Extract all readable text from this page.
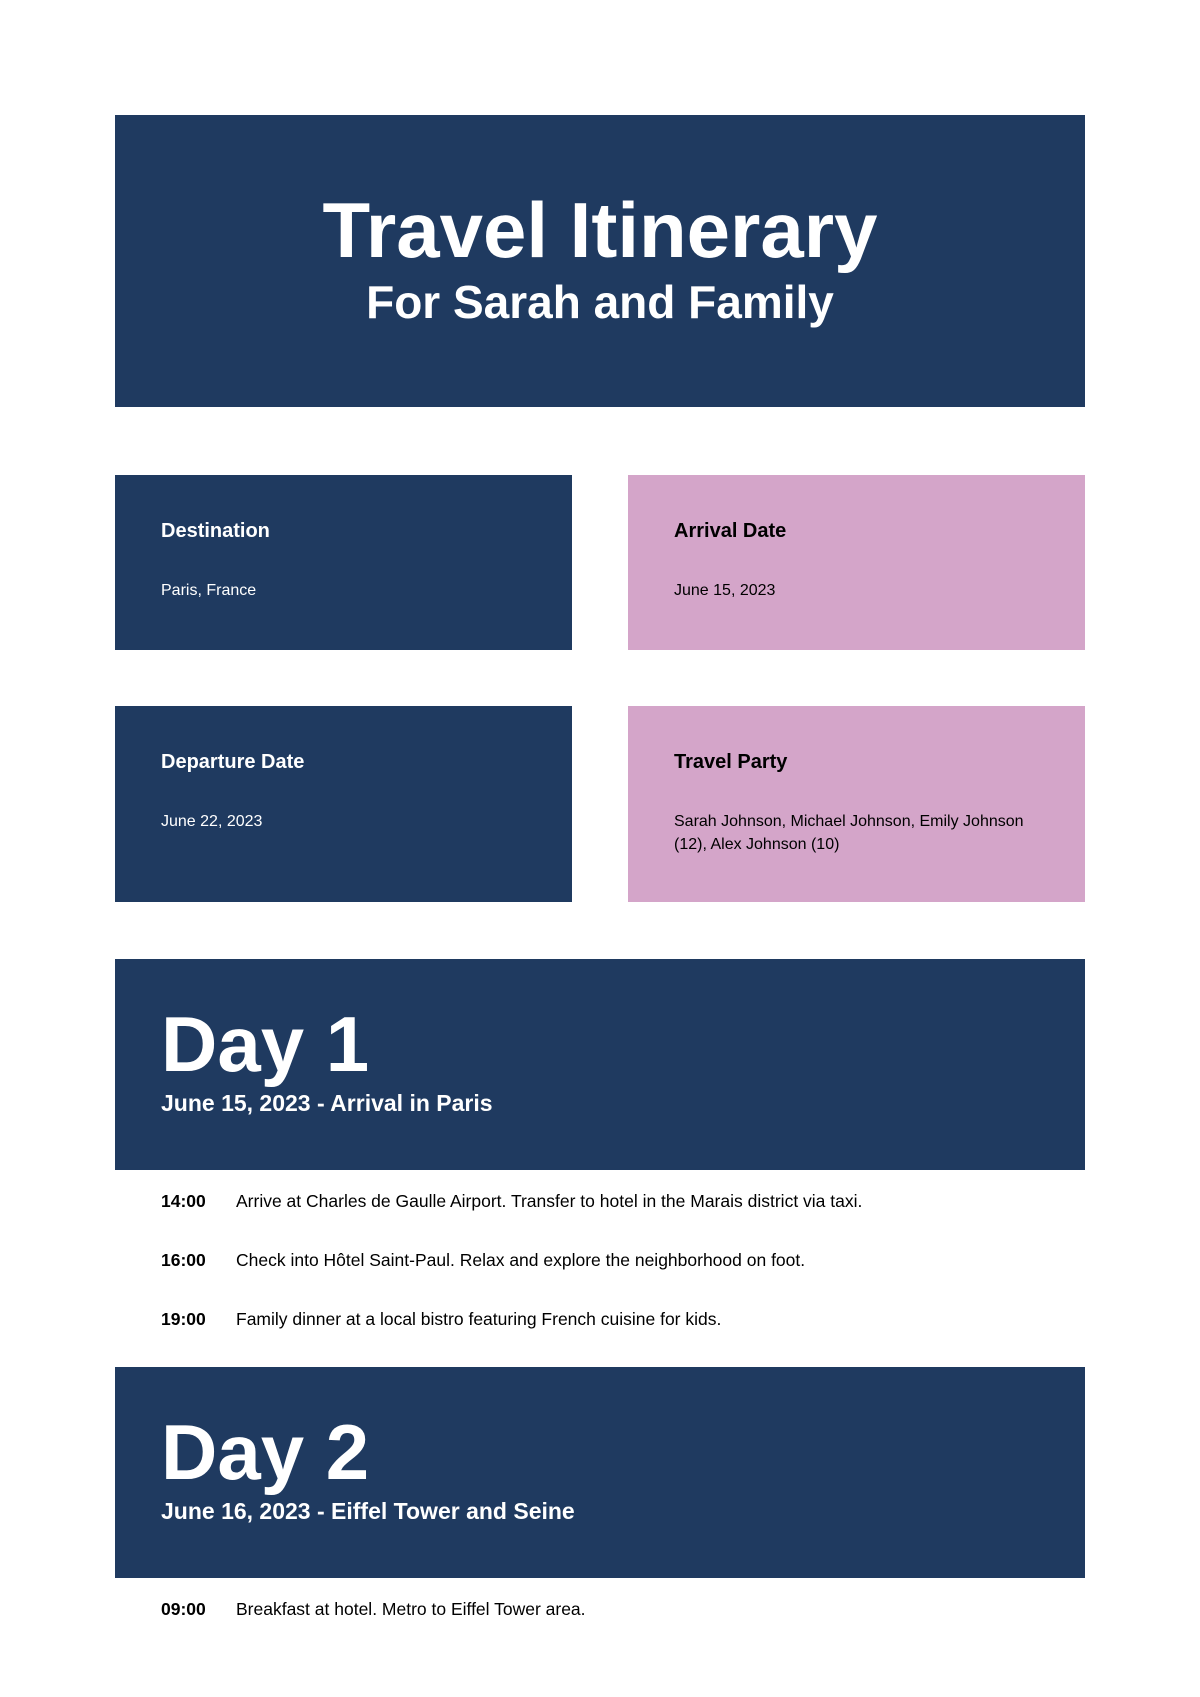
Travel Itinerary
For Sarah and Family

Destination

Paris, France

Arrival Date

June 15, 2023

Departure Date

June 22, 2023

Travel Party

Sarah Johnson, Michael Johnson, Emily Johnson (12), Alex Johnson (10)

Day 1

June 15, 2023 - Arrival in Paris

14:00	Arrive at Charles de Gaulle Airport. Transfer to hotel in the Marais district via taxi.
16:00	Check into Hôtel Saint-Paul. Relax and explore the neighborhood on foot.
19:00	Family dinner at a local bistro featuring French cuisine for kids.
Day 2

June 16, 2023 - Eiffel Tower and Seine

09:00	Breakfast at hotel. Metro to Eiffel Tower area.
